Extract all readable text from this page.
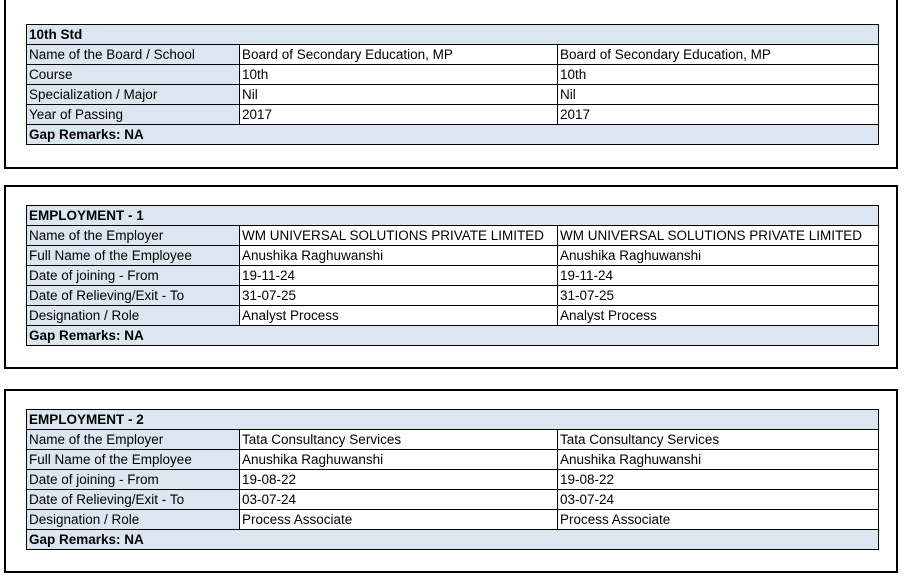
10th Std		
Name of the Board / School	Board of Secondary Education, MP	Board of Secondary Education, MP
Course	10th	10th
Specialization / Major	Nil	Nil
Year of Passing	2017	2017
Gap Remarks: NA		
EMPLOYMENT - 1		
Name of the Employer	WM UNIVERSAL SOLUTIONS PRIVATE LIMITED	WM UNIVERSAL SOLUTIONS PRIVATE LIMITED
Full Name of the Employee	Anushika Raghuwanshi	Anushika Raghuwanshi
Date of joining - From	19-11-24	19-11-24
Date of Relieving/Exit - To	31-07-25	31-07-25
Designation / Role	Analyst Process	Analyst Process
Gap Remarks: NA		
EMPLOYMENT - 2		
Name of the Employer	Tata Consultancy Services	Tata Consultancy Services
Full Name of the Employee	Anushika Raghuwanshi	Anushika Raghuwanshi
Date of joining - From	19-08-22	19-08-22
Date of Relieving/Exit - To	03-07-24	03-07-24
Designation / Role	Process Associate	Process Associate
Gap Remarks: NA		
